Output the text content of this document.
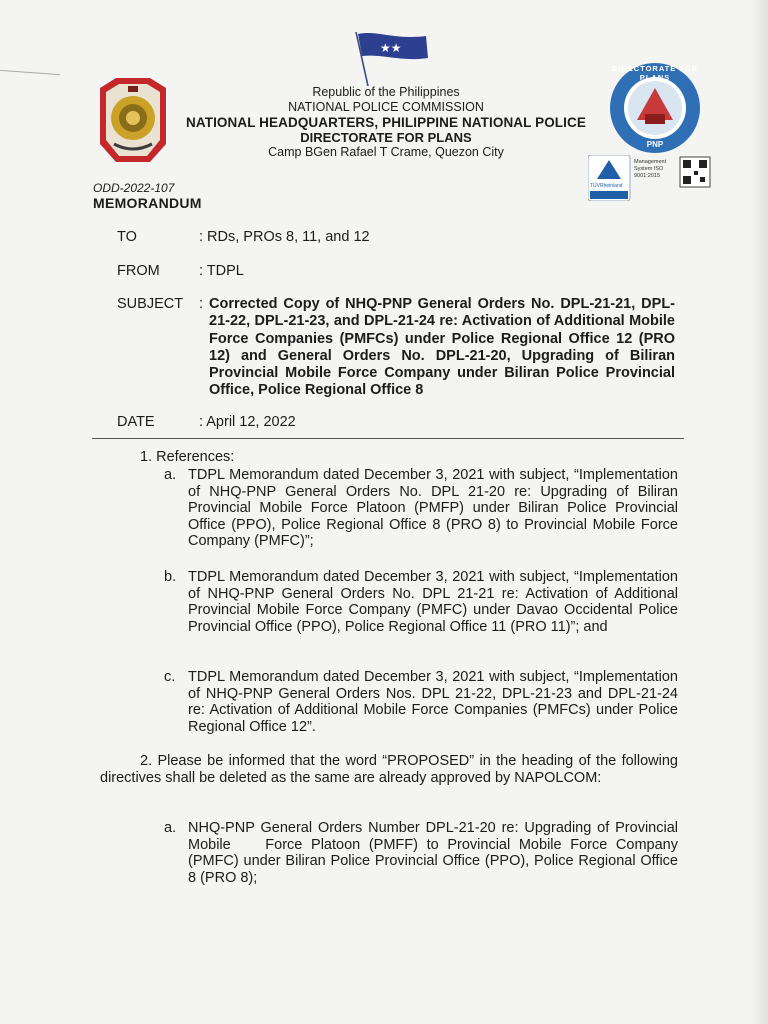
★★
DIRECTORATE FOR PLANS
PNP
TÜVRheinland
Management System ISO 9001:2015
Republic of the Philippines
NATIONAL POLICE COMMISSION
NATIONAL HEADQUARTERS, PHILIPPINE NATIONAL POLICE
DIRECTORATE FOR PLANS
Camp BGen Rafael T Crame, Quezon City
ODD-2022-107
MEMORANDUM
TO	: RDs, PROs 8, 11, and 12
FROM	: TDPL
SUBJECT	: Corrected Copy of NHQ-PNP General Orders No. DPL-21-21, DPL-21-22, DPL-21-23, and DPL-21-24 re: Activation of Additional Mobile Force Companies (PMFCs) under Police Regional Office 12 (PRO 12) and General Orders No. DPL-21-20, Upgrading of Biliran Provincial Mobile Force Company under Biliran Police Provincial Office, Police Regional Office 8
DATE	: April 12, 2022
1. References:
a. TDPL Memorandum dated December 3, 2021 with subject, “Implementation of NHQ-PNP General Orders No. DPL 21-20 re: Upgrading of Biliran Provincial Mobile Force Platoon (PMFP) under Biliran Police Provincial Office (PPO), Police Regional Office 8 (PRO 8) to Provincial Mobile Force Company (PMFC)”;
b. TDPL Memorandum dated December 3, 2021 with subject, “Implementation of NHQ-PNP General Orders No. DPL 21-21 re: Activation of Additional Provincial Mobile Force Company (PMFC) under Davao Occidental Police Provincial Office (PPO), Police Regional Office 11 (PRO 11)”; and
c. TDPL Memorandum dated December 3, 2021 with subject, “Implementation of NHQ-PNP General Orders Nos. DPL 21-22, DPL-21-23 and DPL-21-24 re: Activation of Additional Mobile Force Companies (PMFCs) under Police Regional Office 12”.
2. Please be informed that the word “PROPOSED” in the heading of the following directives shall be deleted as the same are already approved by NAPOLCOM:
a. NHQ-PNP General Orders Number DPL-21-20 re: Upgrading of Provincial Mobile    Force Platoon (PMFF) to Provincial Mobile Force Company (PMFC) under Biliran Police Provincial Office (PPO), Police Regional Office 8 (PRO 8);
